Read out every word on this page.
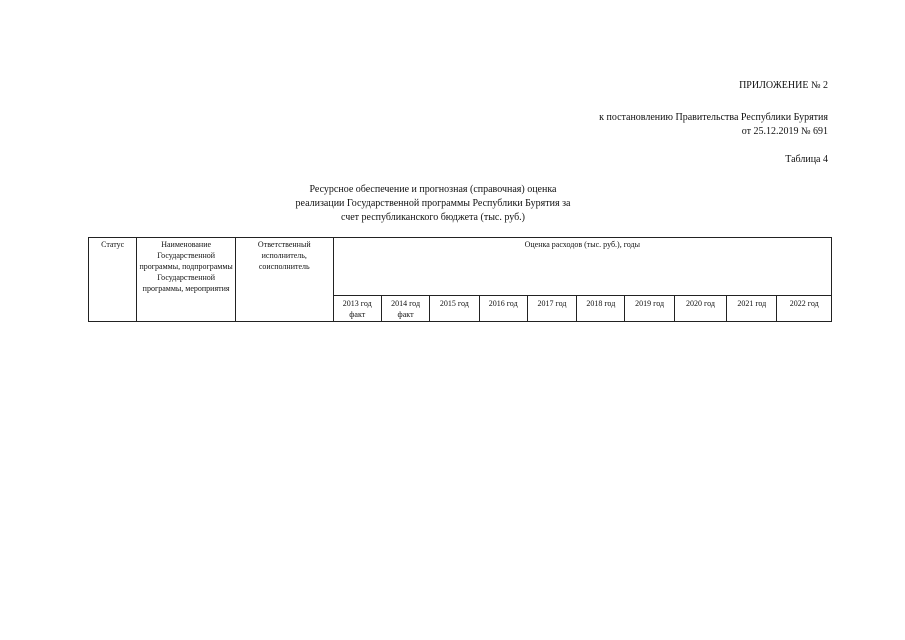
ПРИЛОЖЕНИЕ № 2
к постановлению Правительства Республики Бурятия
от 25.12.2019 № 691
Таблица 4
Ресурсное обеспечение и прогнозная (справочная) оценка
реализации Государственной программы Республики Бурятия за
счет республиканского бюджета (тыс. руб.)
Статус	Наименование Государственной программы, подпрограммы Государственной программы, мероприятия	Ответственный исполнитель, соисполнитель	Оценка расходов (тыс. руб.), годы									
			2013 год факт	2014 год факт	2015 год	2016 год	2017 год	2018 год	2019 год	2020 год	2021 год	2022 год
